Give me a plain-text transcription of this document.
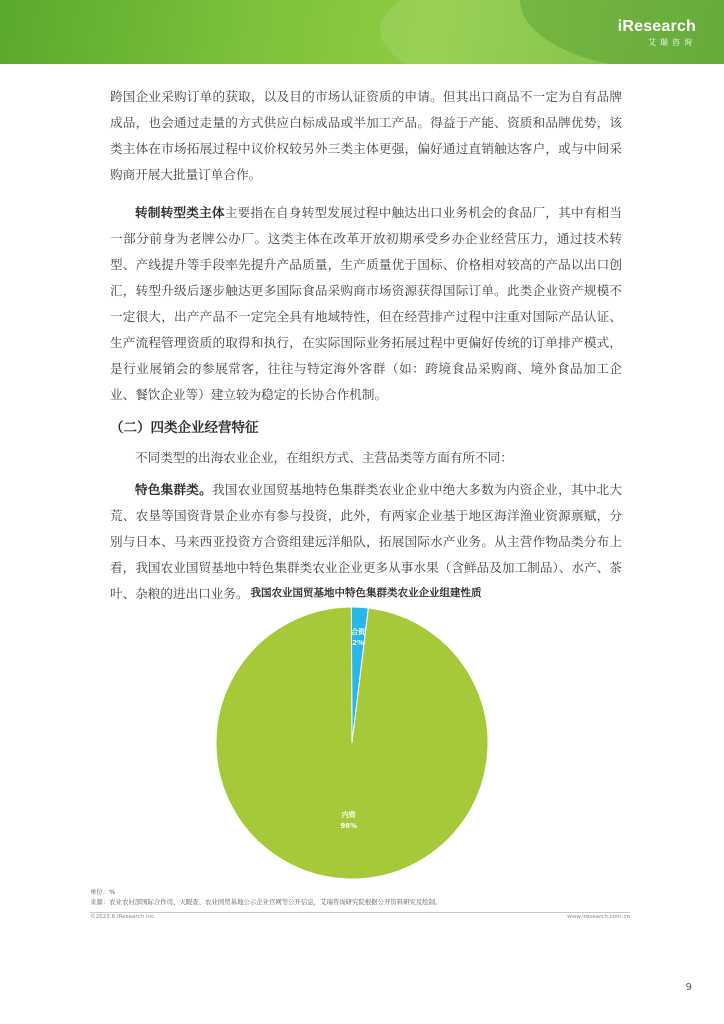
iResearch
艾瑞咨询

跨国企业采购订单的获取，以及目的市场认证资质的申请。但其出口商品不一定为自有品牌成品，也会通过走量的方式供应白标成品或半加工产品。得益于产能、资质和品牌优势，该类主体在市场拓展过程中议价权较另外三类主体更强，偏好通过直销触达客户，或与中间采购商开展大批量订单合作。

转制转型类主体主要指在自身转型发展过程中触达出口业务机会的食品厂，其中有相当一部分前身为老牌公办厂。这类主体在改革开放初期承受乡办企业经营压力，通过技术转型、产线提升等手段率先提升产品质量，生产质量优于国标、价格相对较高的产品以出口创汇，转型升级后逐步触达更多国际食品采购商市场资源获得国际订单。此类企业资产规模不一定很大，出产产品不一定完全具有地域特性，但在经营排产过程中注重对国际产品认证、生产流程管理资质的取得和执行，在实际国际业务拓展过程中更偏好传统的订单排产模式，是行业展销会的参展常客，往往与特定海外客群（如：跨境食品采购商、境外食品加工企业、餐饮企业等）建立较为稳定的长协合作机制。

（二）四类企业经营特征

不同类型的出海农业企业，在组织方式、主营品类等方面有所不同：

特色集群类。我国农业国贸基地特色集群类农业企业中绝大多数为内资企业，其中北大荒、农垦等国资背景企业亦有参与投资，此外，有两家企业基于地区海洋渔业资源禀赋，分别与日本、马来西亚投资方合资组建远洋船队，拓展国际水产业务。从主营作物品类分布上看，我国农业国贸基地中特色集群类农业企业更多从事水果（含鲜品及加工制品）、水产、茶叶、杂粮的进出口业务。 我国农业国贸基地中特色集群类农业企业组建性质
合资
2%
内资
98%
单位：%
来源：农业农村部国际合作司、天眼查、农业国贸基地公示企业官网等公开信息，艾瑞咨询研究院根据公开资料研究及绘制。
©2023.6 iResearch Inc.	www.iresearch.com.cn
9
